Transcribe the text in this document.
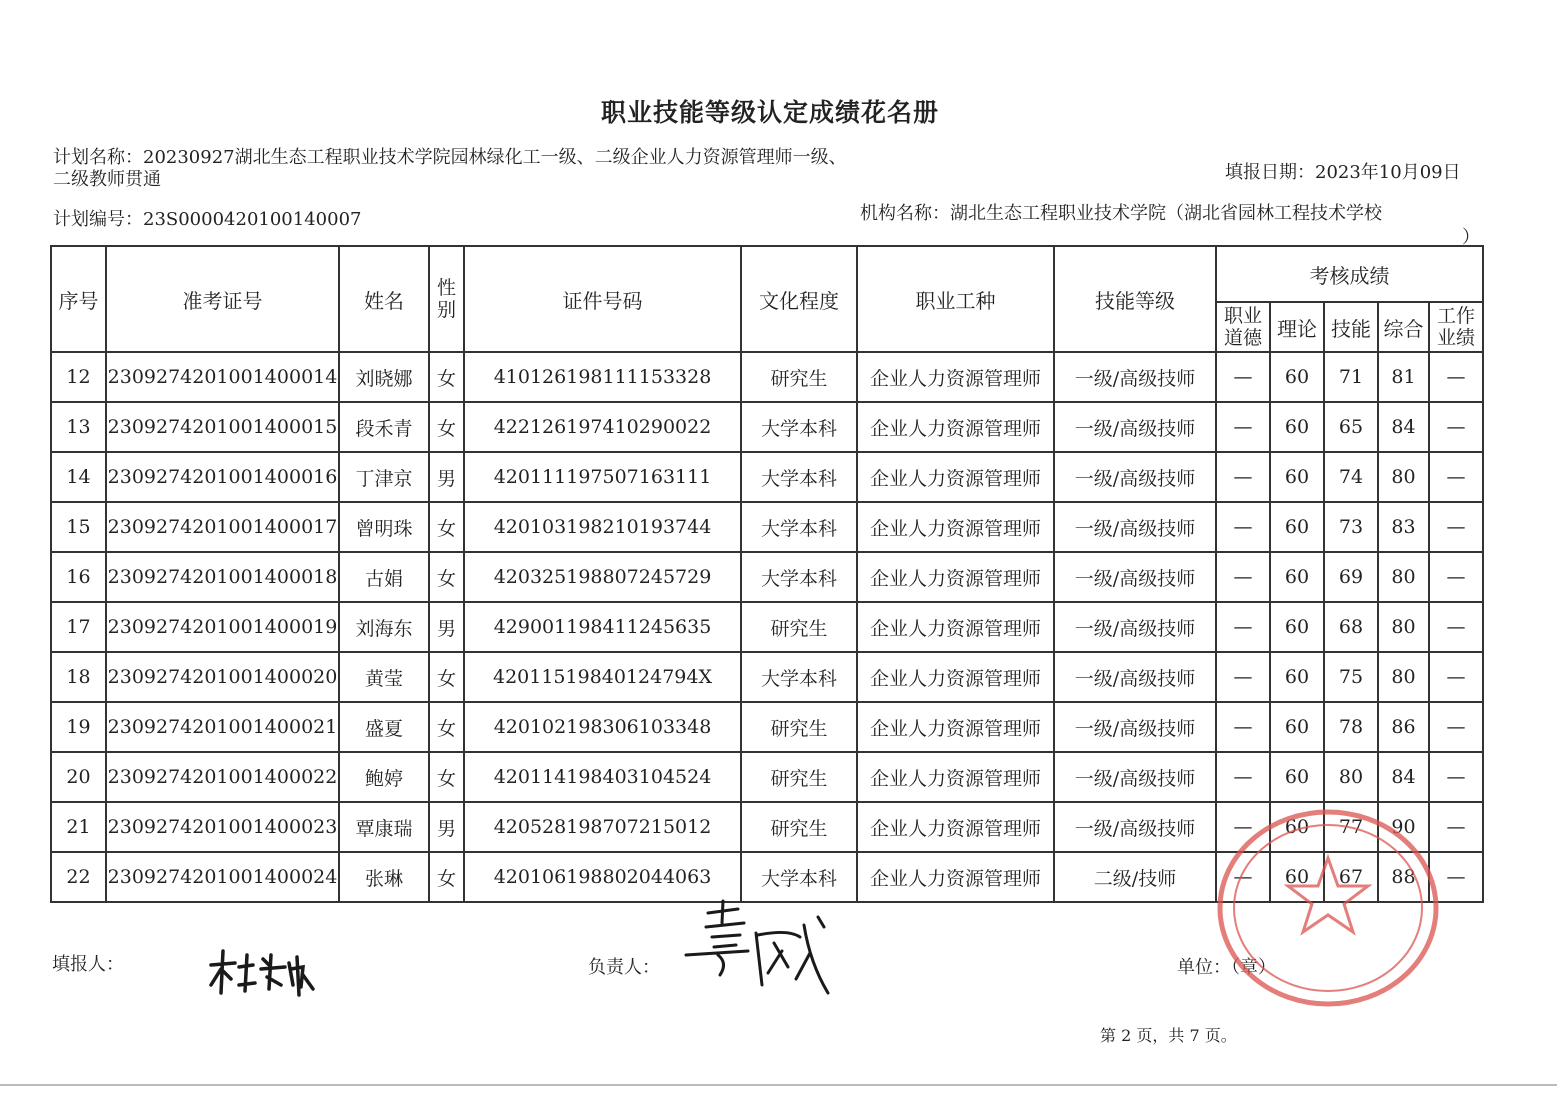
职业技能等级认定成绩花名册
计划名称：20230927湖北生态工程职业技术学院园林绿化工一级、二级企业人力资源管理师一级、二级教师贯通	填报日期：2023年10月09日
计划编号：23S0000420100140007	机构名称：湖北生态工程职业技术学院（湖北省园林工程技术学校
）
序号	准考证号	姓名	性别	证件号码	文化程度	职业工种	技能等级	考核成绩				
								职业道德	理论	技能	综合	工作业绩
12	2309274201001400014	刘晓娜	女	410126198111153328	研究生	企业人力资源管理师	一级/高级技师	—	60	71	81	—
13	2309274201001400015	段禾青	女	422126197410290022	大学本科	企业人力资源管理师	一级/高级技师	—	60	65	84	—
14	2309274201001400016	丁津京	男	420111197507163111	大学本科	企业人力资源管理师	一级/高级技师	—	60	74	80	—
15	2309274201001400017	曾明珠	女	420103198210193744	大学本科	企业人力资源管理师	一级/高级技师	—	60	73	83	—
16	2309274201001400018	古娟	女	420325198807245729	大学本科	企业人力资源管理师	一级/高级技师	—	60	69	80	—
17	2309274201001400019	刘海东	男	429001198411245635	研究生	企业人力资源管理师	一级/高级技师	—	60	68	80	—
18	2309274201001400020	黄莹	女	42011519840124794X	大学本科	企业人力资源管理师	一级/高级技师	—	60	75	80	—
19	2309274201001400021	盛夏	女	420102198306103348	研究生	企业人力资源管理师	一级/高级技师	—	60	78	86	—
20	2309274201001400022	鲍婷	女	420114198403104524	研究生	企业人力资源管理师	一级/高级技师	—	60	80	84	—
21	2309274201001400023	覃康瑞	男	420528198707215012	研究生	企业人力资源管理师	一级/高级技师	—	60	77	90	—
22	2309274201001400024	张琳	女	420106198802044063	大学本科	企业人力资源管理师	二级/技师	—	60	67	88	—
填报人：	负责人：	单位：（章）
第 2 页，共 7 页。
